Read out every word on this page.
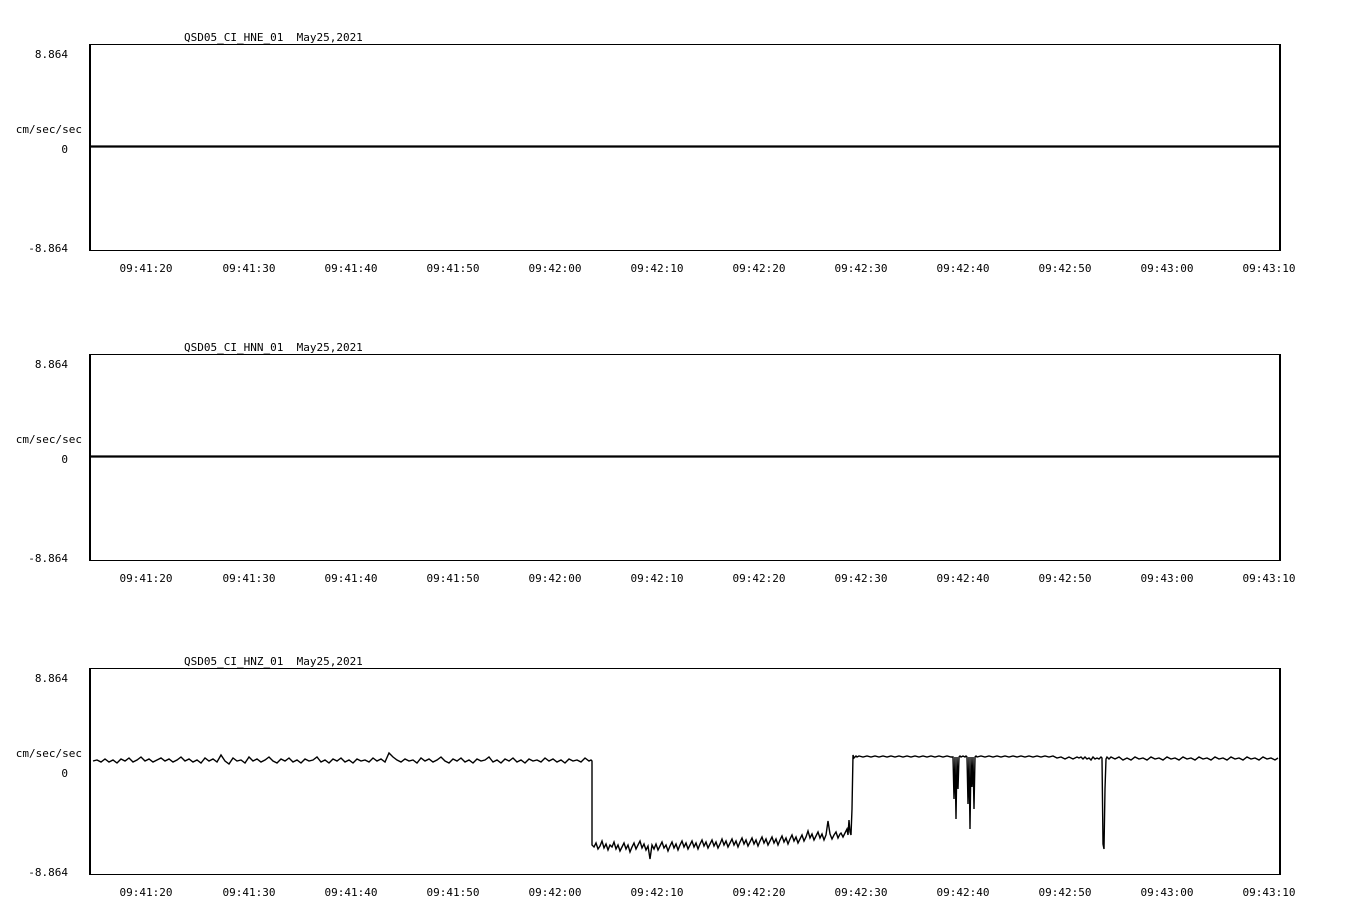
QSD05_CI_HNE_01  May25,2021
cm/sec/sec
8.864
0
-8.864
09:41:20	09:41:30	09:41:40	09:41:50	09:42:00	09:42:10	09:42:20	09:42:30	09:42:40	09:42:50	09:43:00	09:43:10
QSD05_CI_HNN_01  May25,2021
cm/sec/sec
8.864
0
-8.864
09:41:20	09:41:30	09:41:40	09:41:50	09:42:00	09:42:10	09:42:20	09:42:30	09:42:40	09:42:50	09:43:00	09:43:10
QSD05_CI_HNZ_01  May25,2021
cm/sec/sec
8.864
0
-8.864
09:41:20	09:41:30	09:41:40	09:41:50	09:42:00	09:42:10	09:42:20	09:42:30	09:42:40	09:42:50	09:43:00	09:43:10
